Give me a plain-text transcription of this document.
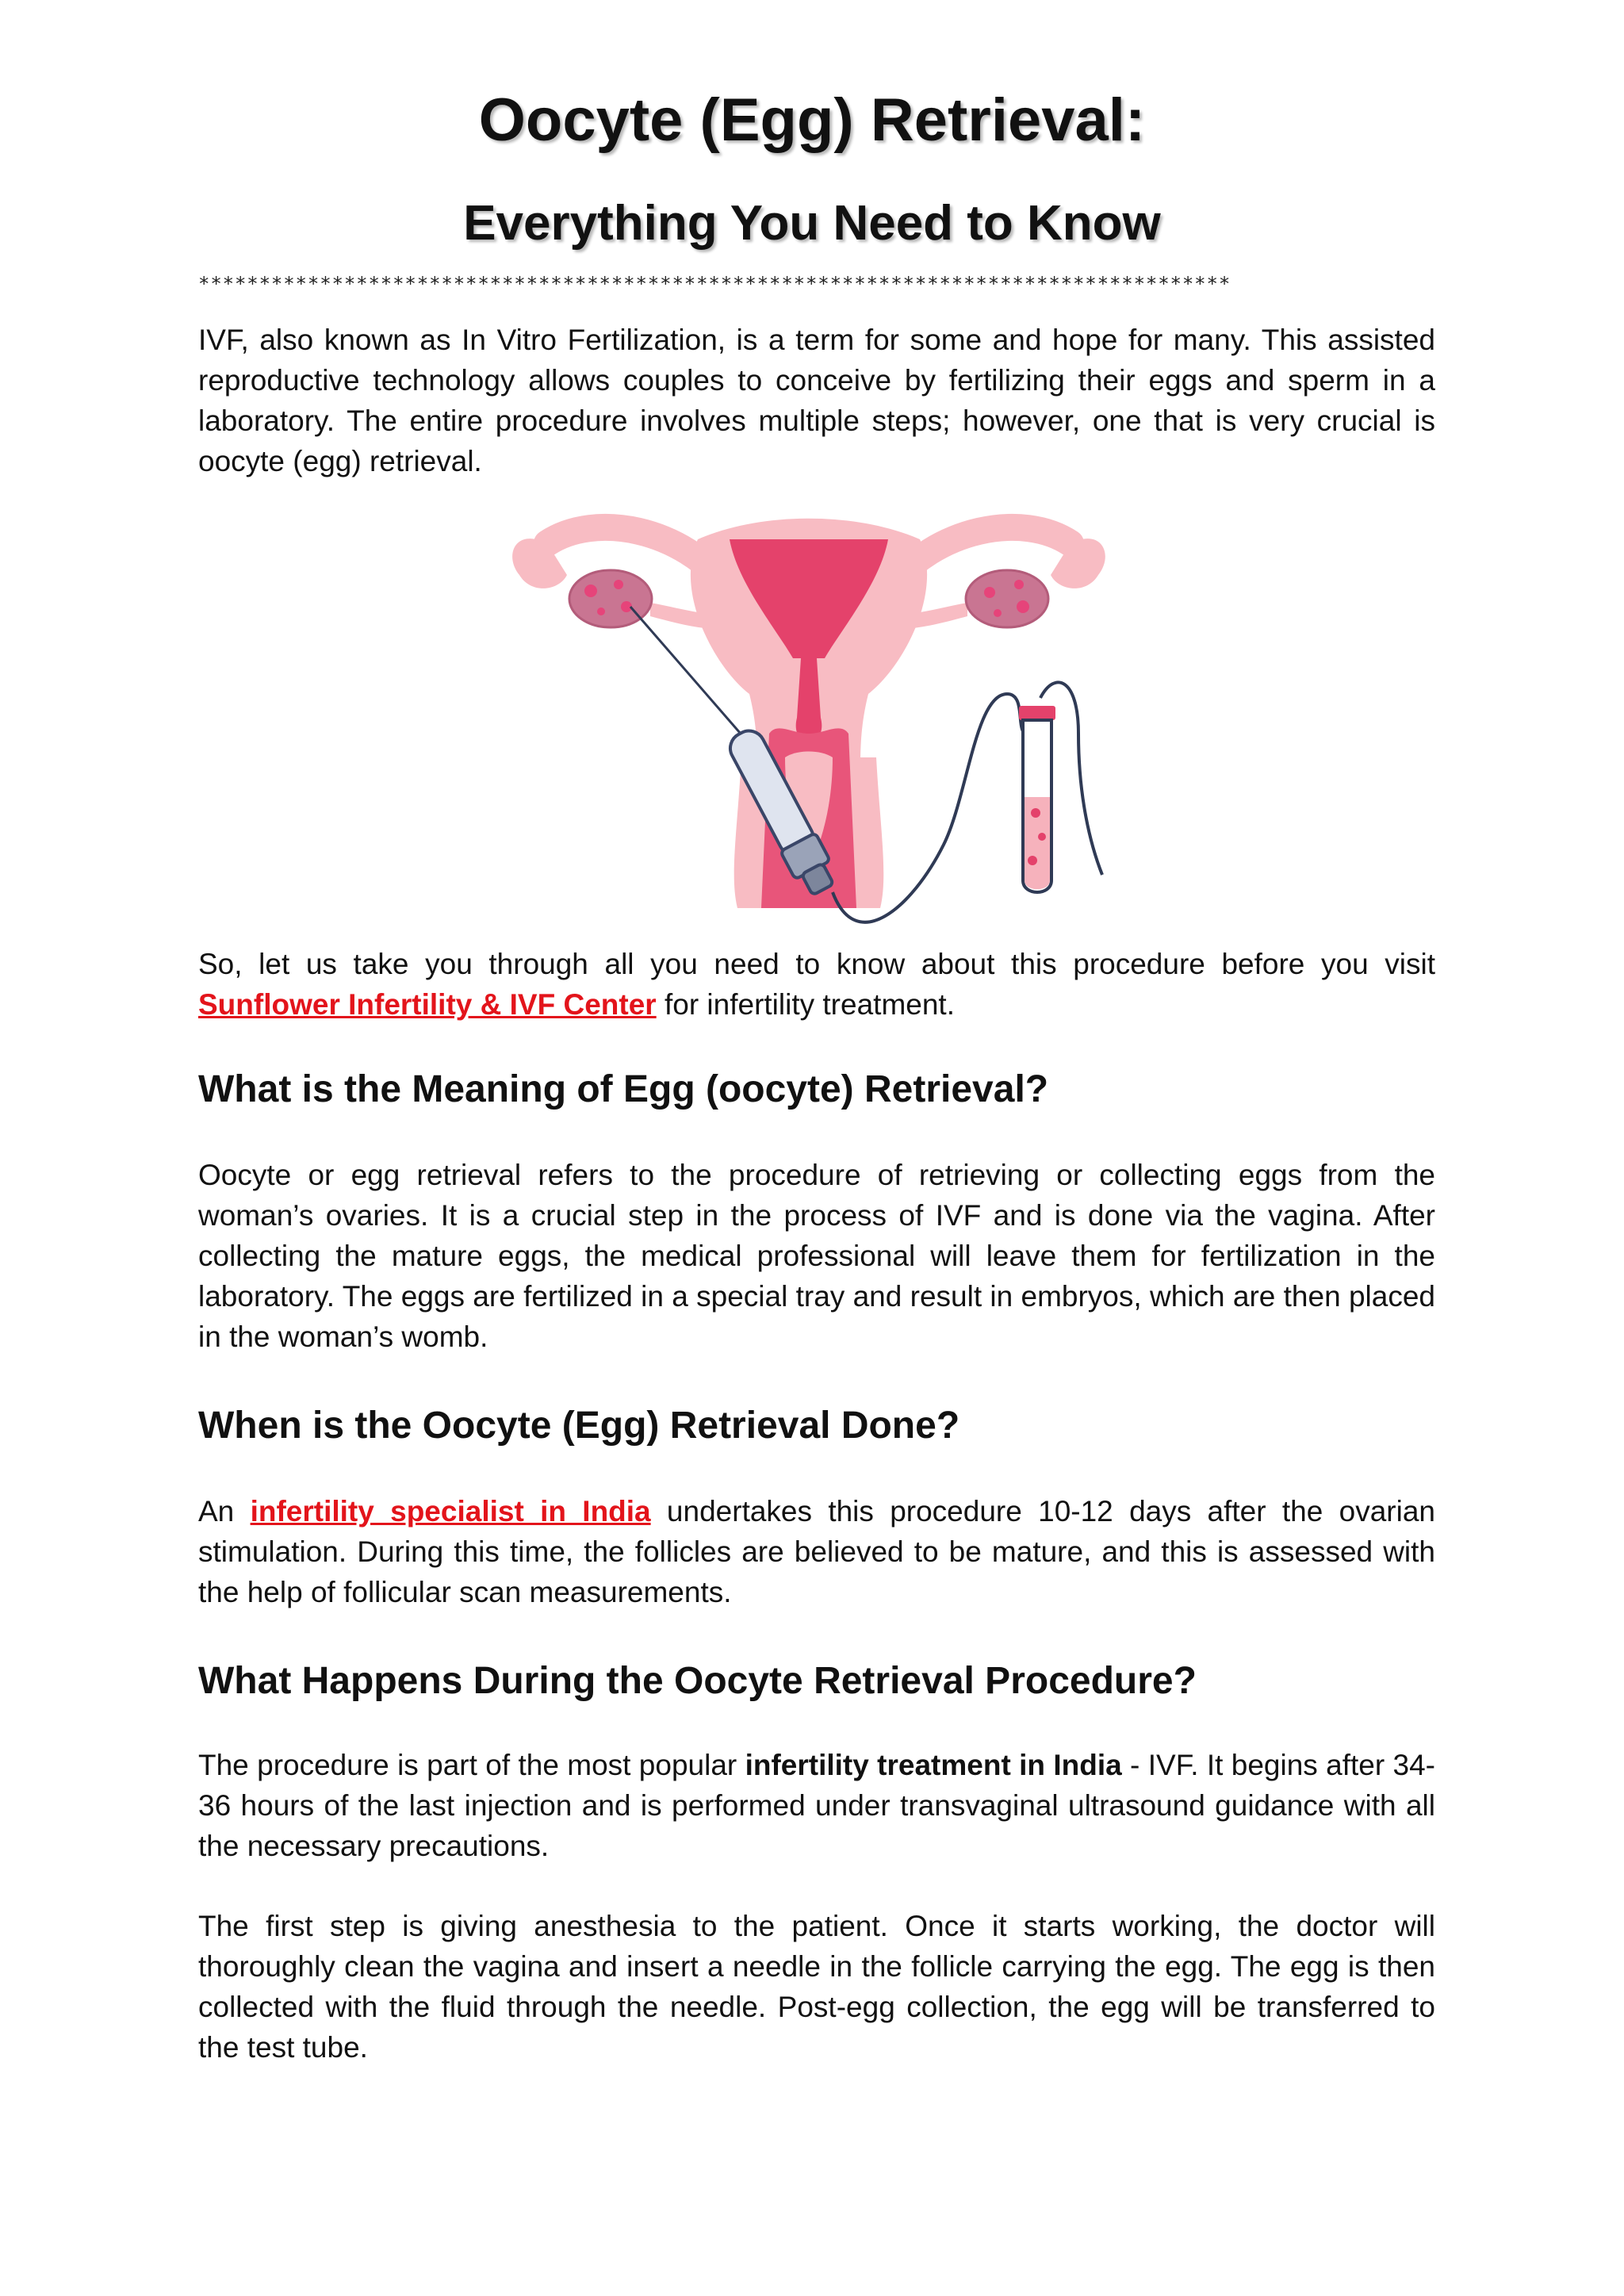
Oocyte (Egg) Retrieval:
Everything You Need to Know
*************************************************************************************

IVF, also known as In Vitro Fertilization, is a term for some and hope for many. This assisted reproductive technology allows couples to conceive by fertilizing their eggs and sperm in a laboratory. The entire procedure involves multiple steps; however, one that is very crucial is oocyte (egg) retrieval.

So, let us take you through all you need to know about this procedure before you visit Sunflower Infertility & IVF Center for infertility treatment.

What is the Meaning of Egg (oocyte) Retrieval?

Oocyte or egg retrieval refers to the procedure of retrieving or collecting eggs from the woman’s ovaries. It is a crucial step in the process of IVF and is done via the vagina. After collecting the mature eggs, the medical professional will leave them for fertilization in the laboratory. The eggs are fertilized in a special tray and result in embryos, which are then placed in the woman’s womb.

When is the Oocyte (Egg) Retrieval Done?

An infertility specialist in India undertakes this procedure 10-12 days after the ovarian stimulation. During this time, the follicles are believed to be mature, and this is assessed with the help of follicular scan measurements.

What Happens During the Oocyte Retrieval Procedure?

The procedure is part of the most popular infertility treatment in India - IVF. It begins after 34-36 hours of the last injection and is performed under transvaginal ultrasound guidance with all the necessary precautions.

The first step is giving anesthesia to the patient. Once it starts working, the doctor will thoroughly clean the vagina and insert a needle in the follicle carrying the egg. The egg is then collected with the fluid through the needle. Post-egg collection, the egg will be transferred to the test tube.
